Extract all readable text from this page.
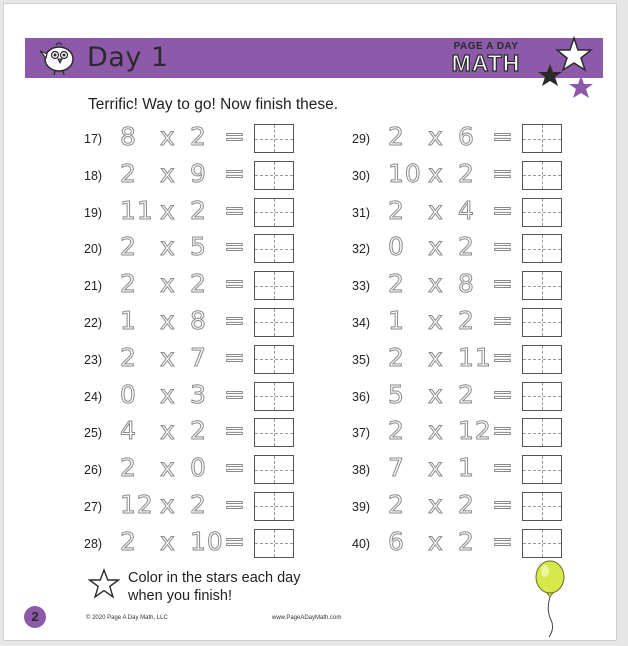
Day 1	PAGE A DAY
MATH
Terrific! Way to go! Now finish these.
17) 8 x 2 =
18) 2 x 9 =
19) 11 x 2 =
20) 2 x 5 =
21) 2 x 2 =
22) 1 x 8 =
23) 2 x 7 =
24) 0 x 3 =
25) 4 x 2 =
26) 2 x 0 =
27) 12 x 2 =
28) 2 x 10 =
29) 2 x 6 =
30) 10 x 2 =
31) 2 x 4 =
32) 0 x 2 =
33) 2 x 8 =
34) 1 x 2 =
35) 2 x 11 =
36) 5 x 2 =
37) 2 x 12 =
38) 7 x 1 =
39) 2 x 2 =
40) 6 x 2 =
Color in the stars each day when you finish!
2	© 2020 Page A Day Math, LLC	www.PageADayMath.com
